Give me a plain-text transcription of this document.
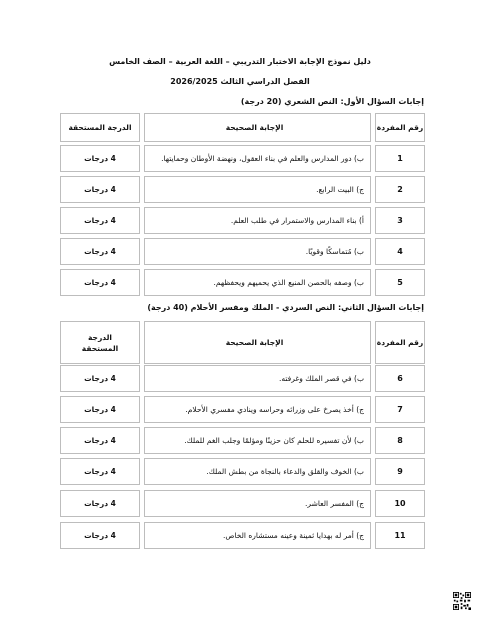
دليل نموذج الإجابة الاختبار التدريبي – اللغة العربية – الصف الخامس
الفصل الدراسي الثالث 2026/2025
إجابات السؤال الأول: النص الشعري (20 درجة)
رقم المفردة
الإجابة الصحيحة
الدرجة المستحقة
1
ب) دور المدارس والعلم في بناء العقول، ونهضة الأوطان وحمايتها.
4 درجات
2
ج) البيت الرابع.
4 درجات
3
أ) بناء المدارس والاستمرار في طلب العلم.
4 درجات
4
ب) مُتماسكًا وقويًا.
4 درجات
5
ب) وصفه بالحصن المنيع الذي يحميهم ويحفظهم.
4 درجات
إجابات السؤال الثاني: النص السردي - الملك ومفسر الأحلام (40 درجة)
رقم المفردة
الإجابة الصحيحة
الدرجة
المستحقة
6
ب) في قصر الملك وغرفته.
4 درجات
7
ج) أخذ يصرخ على وزرائه وحراسه وينادي مفسري الأحلام.
4 درجات
8
ب) لأن تفسيره للحلم كان حزينًا ومؤلمًا وجلب الغم للملك.
4 درجات
9
ب) الخوف والقلق والدعاء بالنجاة من بطش الملك.
4 درجات
10
ج) المفسر العاشر.
4 درجات
11
ج) أمر له بهدايا ثمينة وعينه مستشاره الخاص.
4 درجات
